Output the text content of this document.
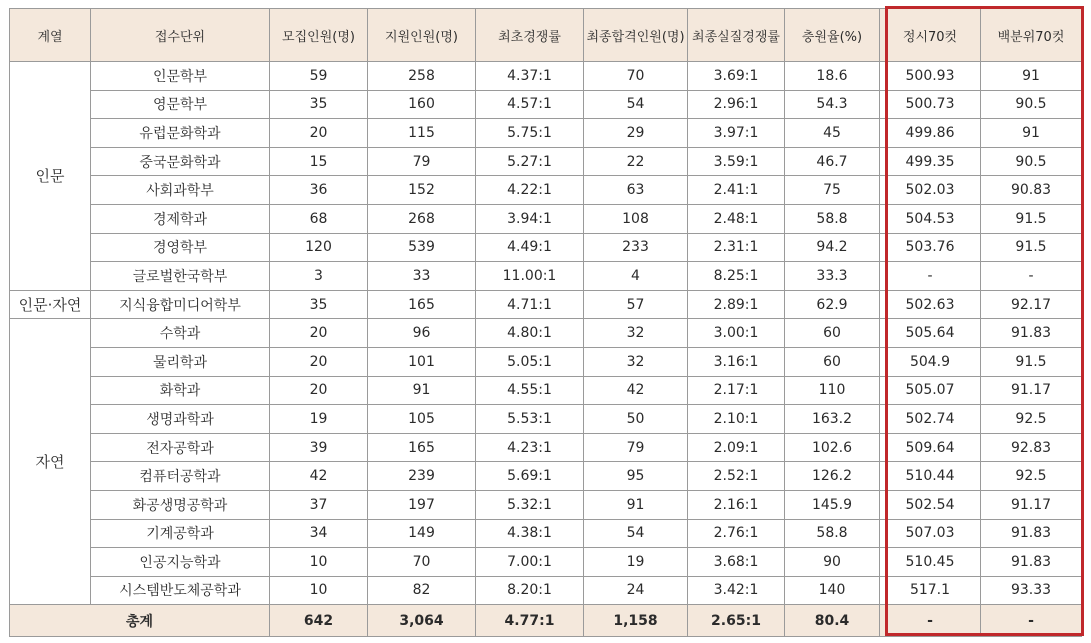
계열	접수단위	모집인원(명)	지원인원(명)	최초경쟁률	최종합격인원(명)	최종실질경쟁률	충원율(%)	정시70컷	백분위70컷
인문	인문학부	59	258	4.37:1	70	3.69:1	18.6	500.93	91
	영문학부	35	160	4.57:1	54	2.96:1	54.3	500.73	90.5
	유럽문화학과	20	115	5.75:1	29	3.97:1	45	499.86	91
	중국문화학과	15	79	5.27:1	22	3.59:1	46.7	499.35	90.5
	사회과학부	36	152	4.22:1	63	2.41:1	75	502.03	90.83
	경제학과	68	268	3.94:1	108	2.48:1	58.8	504.53	91.5
	경영학부	120	539	4.49:1	233	2.31:1	94.2	503.76	91.5
	글로벌한국학부	3	33	11.00:1	4	8.25:1	33.3	-	-
인문·자연	지식융합미디어학부	35	165	4.71:1	57	2.89:1	62.9	502.63	92.17
자연	수학과	20	96	4.80:1	32	3.00:1	60	505.64	91.83
	물리학과	20	101	5.05:1	32	3.16:1	60	504.9	91.5
	화학과	20	91	4.55:1	42	2.17:1	110	505.07	91.17
	생명과학과	19	105	5.53:1	50	2.10:1	163.2	502.74	92.5
	전자공학과	39	165	4.23:1	79	2.09:1	102.6	509.64	92.83
	컴퓨터공학과	42	239	5.69:1	95	2.52:1	126.2	510.44	92.5
	화공생명공학과	37	197	5.32:1	91	2.16:1	145.9	502.54	91.17
	기계공학과	34	149	4.38:1	54	2.76:1	58.8	507.03	91.83
	인공지능학과	10	70	7.00:1	19	3.68:1	90	510.45	91.83
	시스템반도체공학과	10	82	8.20:1	24	3.42:1	140	517.1	93.33
총계		642	3,064	4.77:1	1,158	2.65:1	80.4	-	-
